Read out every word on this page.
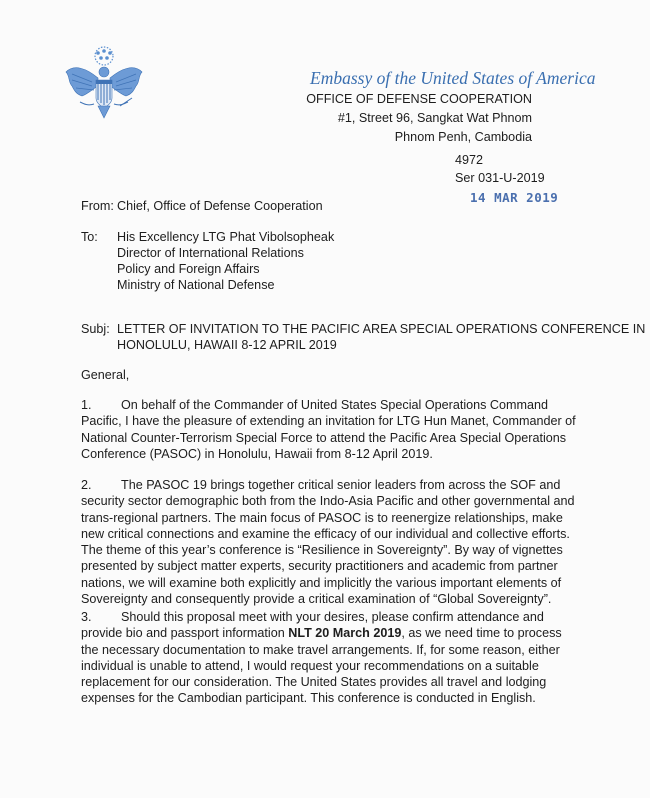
Embassy of the United States of America
OFFICE OF DEFENSE COOPERATION
#1, Street 96, Sangkat Wat Phnom
Phnom Penh, Cambodia
4972
Ser 031-U-2019
14 MAR 2019
From: Chief, Office of Defense Cooperation
To: His Excellency LTG Phat Vibolsopheak
Director of International Relations
Policy and Foreign Affairs
Ministry of National Defense
Subj: LETTER OF INVITATION TO THE PACIFIC AREA SPECIAL OPERATIONS CONFERENCE IN
HONOLULU, HAWAII 8-12 APRIL 2019
General,
1. On behalf of the Commander of United States Special Operations Command Pacific, I have the pleasure of extending an invitation for LTG Hun Manet, Commander of National Counter-Terrorism Special Force to attend the Pacific Area Special Operations Conference (PASOC) in Honolulu, Hawaii from 8-12 April 2019.
2. The PASOC 19 brings together critical senior leaders from across the SOF and security sector demographic both from the Indo-Asia Pacific and other governmental and trans-regional partners. The main focus of PASOC is to reenergize relationships, make new critical connections and examine the efficacy of our individual and collective efforts. The theme of this year’s conference is “Resilience in Sovereignty”. By way of vignettes presented by subject matter experts, security practitioners and academic from partner nations, we will examine both explicitly and implicitly the various important elements of Sovereignty and consequently provide a critical examination of “Global Sovereignty”.
3. Should this proposal meet with your desires, please confirm attendance and provide bio and passport information NLT 20 March 2019, as we need time to process the necessary documentation to make travel arrangements. If, for some reason, either individual is unable to attend, I would request your recommendations on a suitable replacement for our consideration. The United States provides all travel and lodging expenses for the Cambodian participant. This conference is conducted in English.
